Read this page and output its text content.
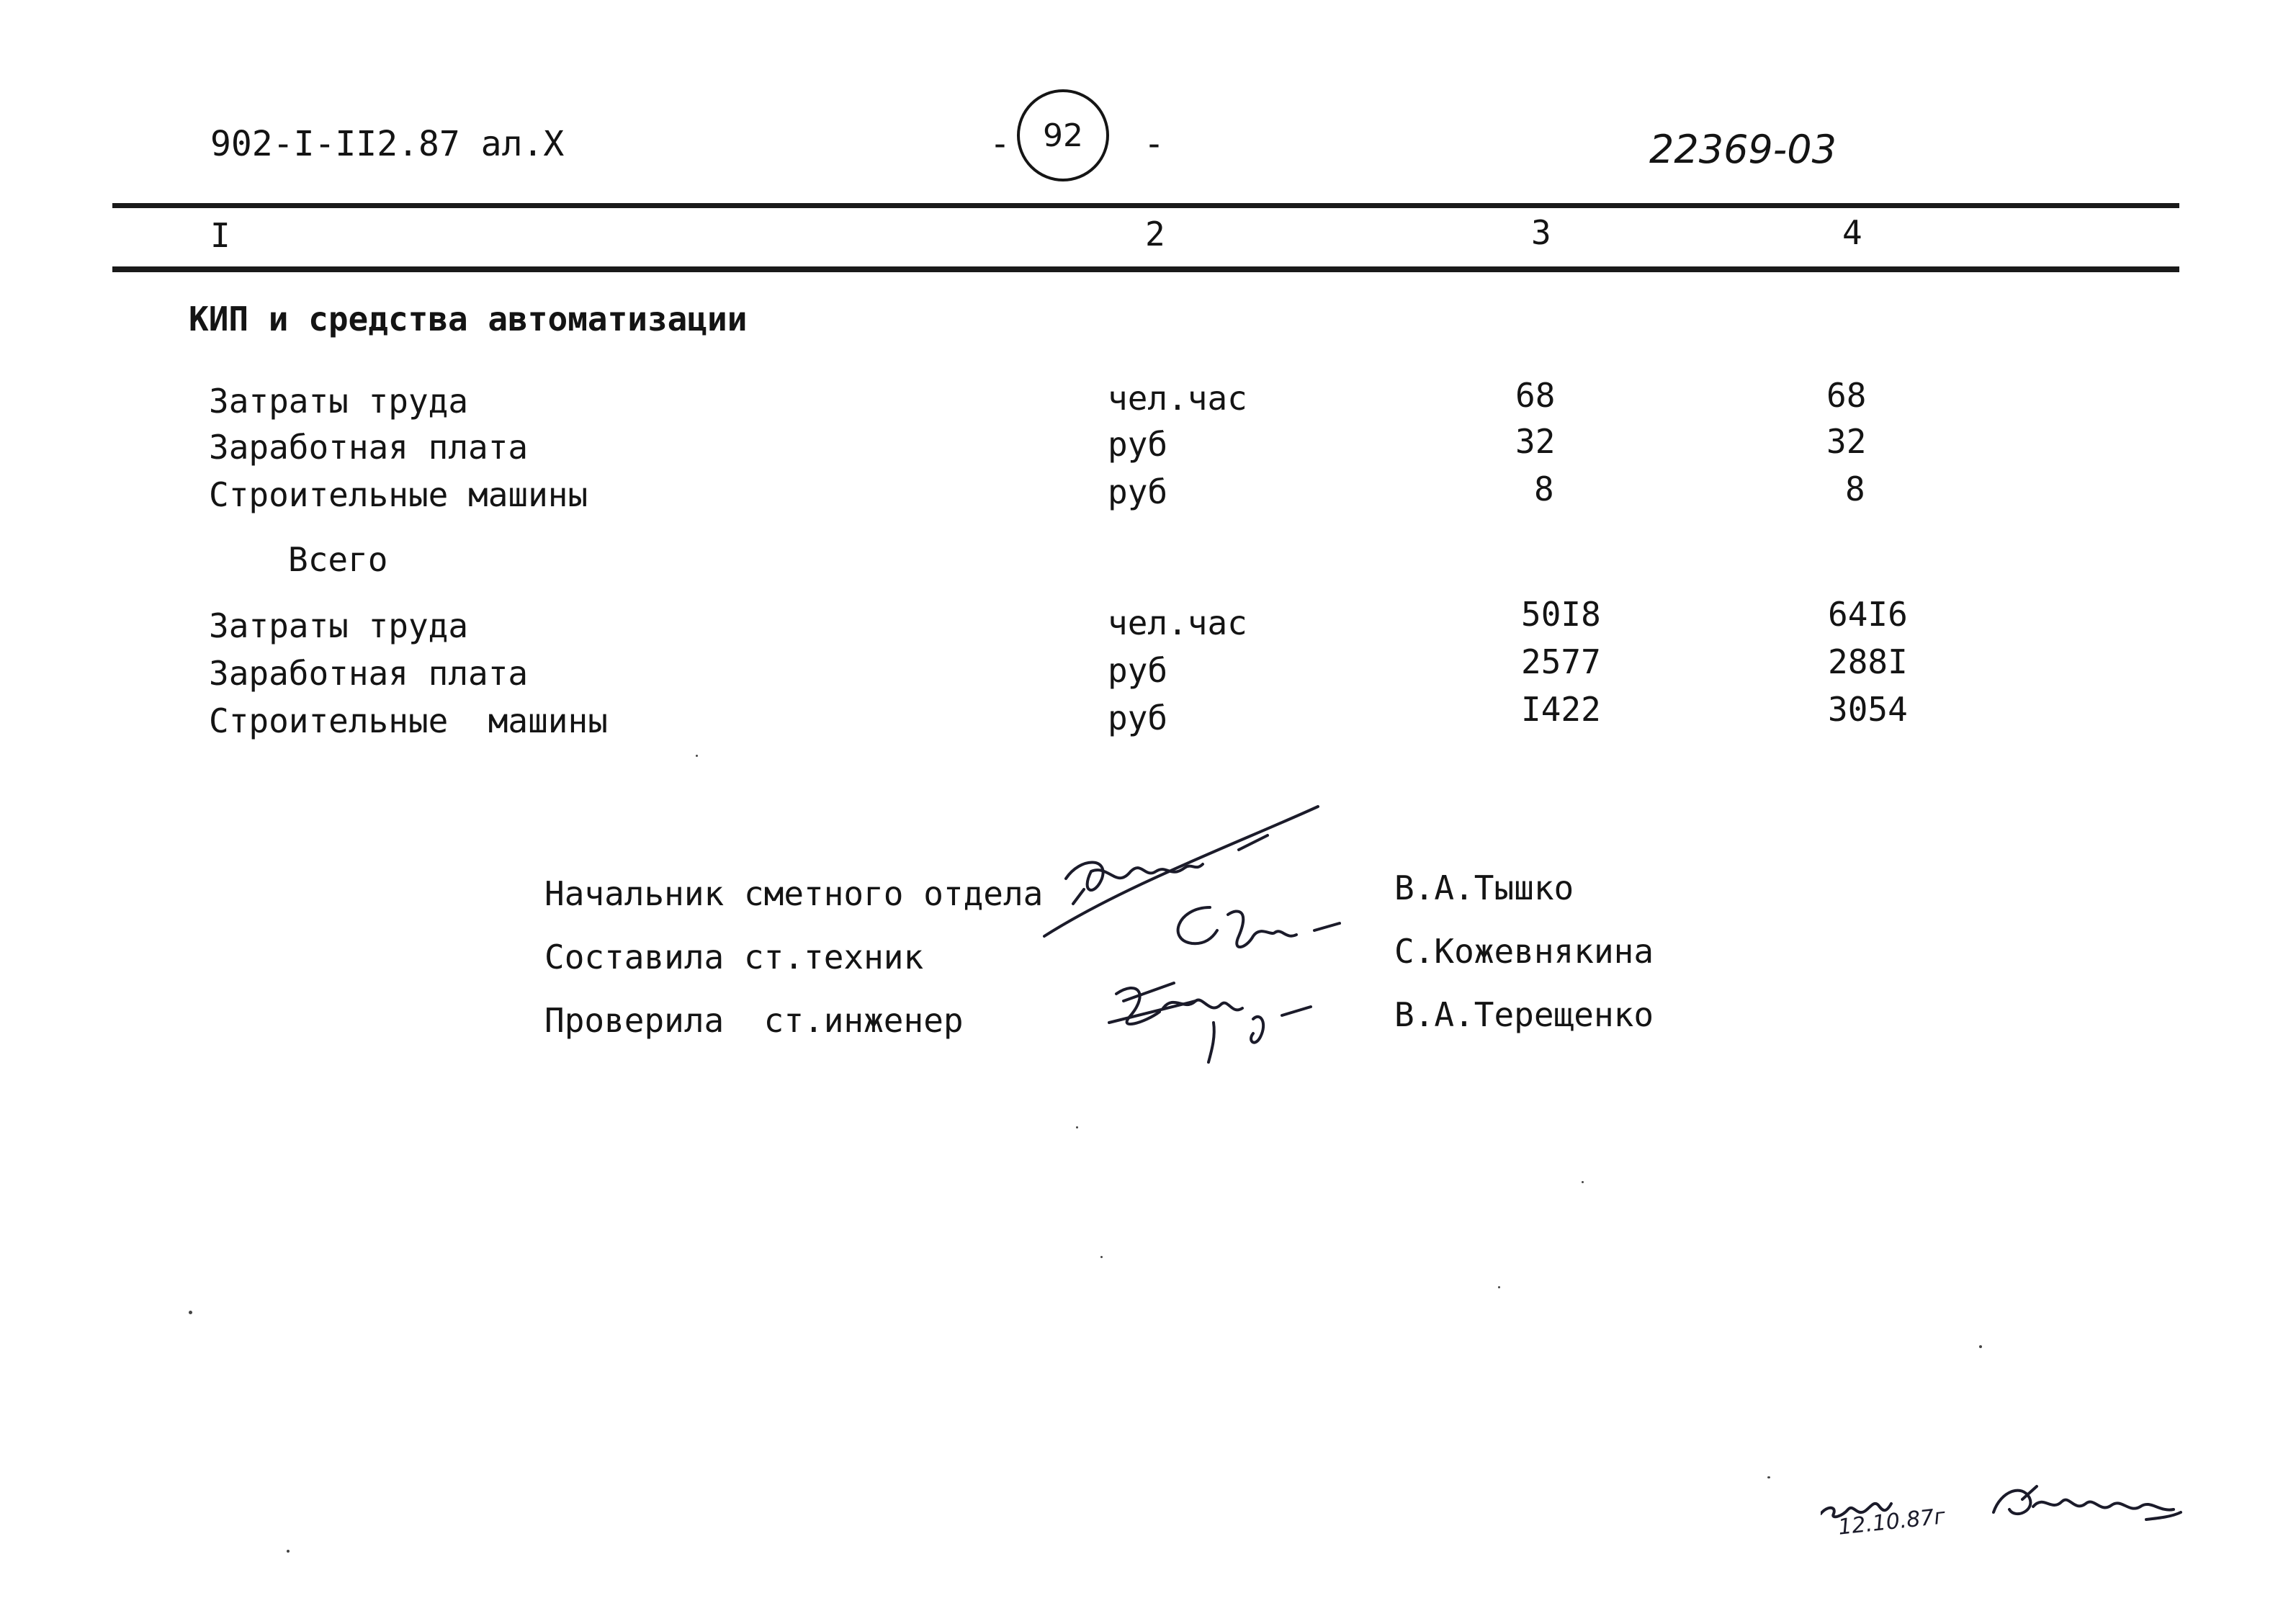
902-I-II2.87 ал.X	- 92 -	22369-03
I	2	3	4
КИП и средства автоматизации
Затраты труда	чел.час	68	68
Заработная плата	руб	32	32
Строительные машины	руб	8	8
Всего
Затраты труда	чел.час	50I8	64I6
Заработная плата	руб	2577	288I
Строительные  машины	руб	I422	3054
Начальник сметного отдела	В.А.Тышко
Составила ст.техник	С.Кожевнякина
Проверила  ст.инженер	В.А.Терещенко
12.10.87г
